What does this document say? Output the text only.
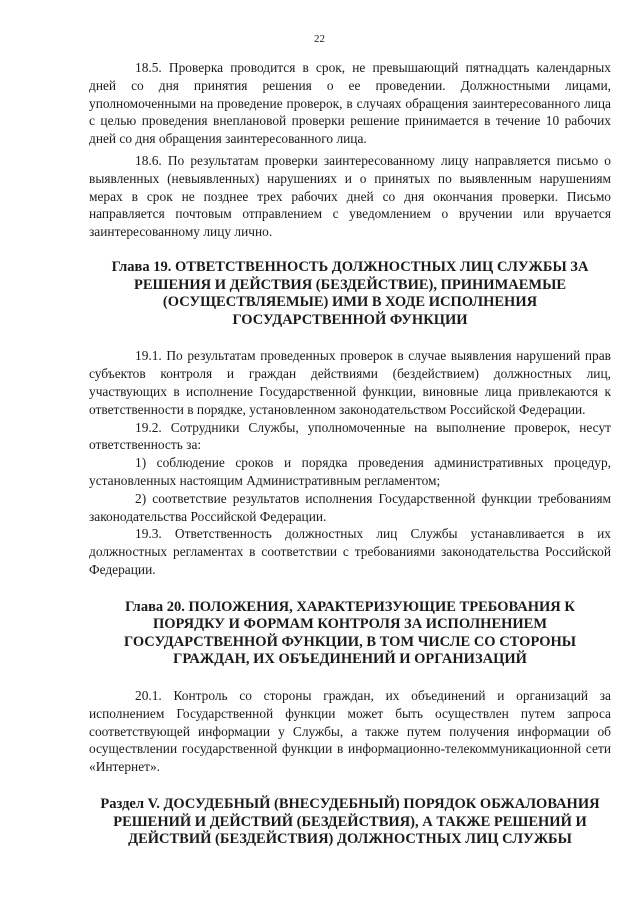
22

18.5. Проверка проводится в срок, не превышающий пятнадцать календарных дней со дня принятия решения о ее проведении. Должностными лицами, уполномоченными на проведение проверок, в случаях обращения заинтересованного лица с целью проведения внеплановой проверки решение принимается в течение 10 рабочих дней со дня обращения заинтересованного лица.

18.6. По результатам проверки заинтересованному лицу направляется письмо о выявленных (невыявленных) нарушениях и о принятых по выявленным нарушениям мерах в срок не позднее трех рабочих дней со дня окончания проверки. Письмо направляется почтовым отправлением с уведомлением о вручении или вручается заинтересованному лицу лично.

Глава 19. ОТВЕТСТВЕННОСТЬ ДОЛЖНОСТНЫХ ЛИЦ СЛУЖБЫ ЗА РЕШЕНИЯ И ДЕЙСТВИЯ (БЕЗДЕЙСТВИЕ), ПРИНИМАЕМЫЕ (ОСУЩЕСТВЛЯЕМЫЕ) ИМИ В ХОДЕ ИСПОЛНЕНИЯ ГОСУДАРСТВЕННОЙ ФУНКЦИИ

19.1. По результатам проведенных проверок в случае выявления нарушений прав субъектов контроля и граждан действиями (бездействием) должностных лиц, участвующих в исполнение Государственной функции, виновные лица привлекаются к ответственности в порядке, установленном законодательством Российской Федерации.

19.2. Сотрудники Службы, уполномоченные на выполнение проверок, несут ответственность за:

1) соблюдение сроков и порядка проведения административных процедур, установленных настоящим Административным регламентом;

2) соответствие результатов исполнения Государственной функции требованиям законодательства Российской Федерации.

19.3. Ответственность должностных лиц Службы устанавливается в их должностных регламентах в соответствии с требованиями законодательства Российской Федерации.

Глава 20. ПОЛОЖЕНИЯ, ХАРАКТЕРИЗУЮЩИЕ ТРЕБОВАНИЯ К ПОРЯДКУ И ФОРМАМ КОНТРОЛЯ ЗА ИСПОЛНЕНИЕМ ГОСУДАРСТВЕННОЙ ФУНКЦИИ, В ТОМ ЧИСЛЕ СО СТОРОНЫ ГРАЖДАН, ИХ ОБЪЕДИНЕНИЙ И ОРГАНИЗАЦИЙ

20.1. Контроль со стороны граждан, их объединений и организаций за исполнением Государственной функции может быть осуществлен путем запроса соответствующей информации у Службы, а также путем получения информации об осуществлении государственной функции в информационно-телекоммуникационной сети «Интернет».

Раздел V. ДОСУДЕБНЫЙ (ВНЕСУДЕБНЫЙ) ПОРЯДОК ОБЖАЛОВАНИЯ РЕШЕНИЙ И ДЕЙСТВИЙ (БЕЗДЕЙСТВИЯ), А ТАКЖЕ РЕШЕНИЙ И ДЕЙСТВИЙ (БЕЗДЕЙСТВИЯ) ДОЛЖНОСТНЫХ ЛИЦ СЛУЖБЫ
